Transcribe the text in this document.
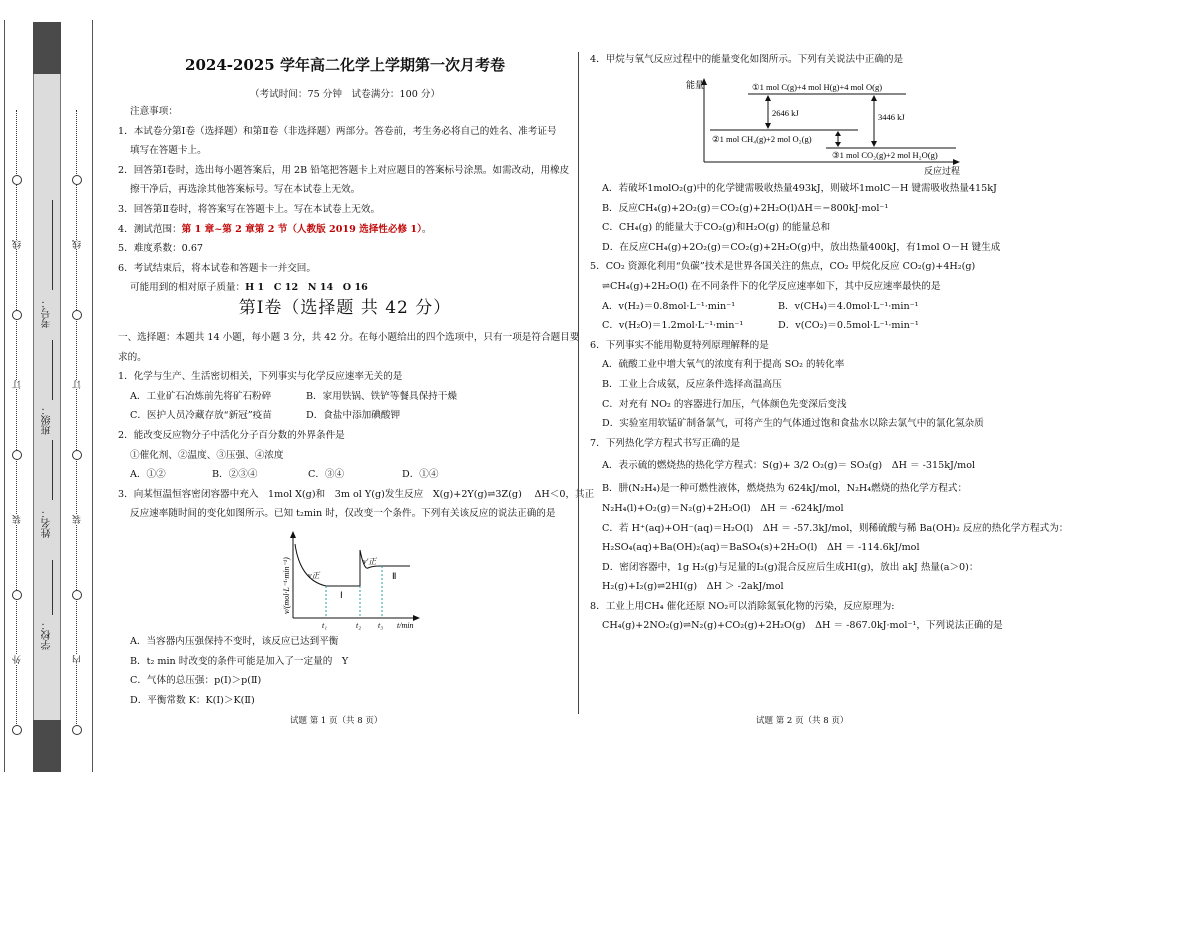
外
装
订
线
内
装
订
线
学校：
姓名：
班级：
考号：
2024-2025 学年高二化学上学期第一次月考卷
（考试时间：75 分钟　试卷满分：100 分）

注意事项：

1．本试卷分第Ⅰ卷（选择题）和第Ⅱ卷（非选择题）两部分。答卷前，考生务必将自己的姓名、准考证号

填写在答题卡上。

2．回答第Ⅰ卷时，选出每小题答案后，用 2B 铅笔把答题卡上对应题目的答案标号涂黑。如需改动，用橡皮

擦干净后，再选涂其他答案标号。写在本试卷上无效。

3．回答第Ⅱ卷时，将答案写在答题卡上。写在本试卷上无效。

4．测试范围：第 1 章~第 2 章第 2 节（人教版 2019 选择性必修 1）。

5．难度系数：0.67

6．考试结束后，将本试卷和答题卡一并交回。

可能用到的相对原子质量：H 1　C 12　N 14　O 16

第Ⅰ卷（选择题 共 42 分）

一、选择题：本题共 14 小题，每小题 3 分，共 42 分。在每小题给出的四个选项中，只有一项是符合题目要

求的。

1．化学与生产、生活密切相关，下列事实与化学反应速率无关的是

A．工业矿石冶炼前先将矿石粉碎	B．家用铁锅、铁铲等餐具保持干燥

C．医护人员冷藏存放“新冠”疫苗	D．食盐中添加碘酸钾

2．能改变反应物分子中活化分子百分数的外界条件是

①催化剂、②温度、③压强、④浓度

A．①②	B．②③④	C．③④	D．①④

3．向某恒温恒容密闭容器中充入　1mol X(g)和　3m ol Y(g)发生反应　X(g)+2Y(g)⇌3Z(g)　 ΔH＜0，其正

反应速率随时间的变化如图所示。已知 t₂min 时，仅改变一个条件。下列有关该反应的说法正确的是

v/(mol·L⁻¹·min⁻¹)
t/min
v正
v′正
Ⅰ
Ⅱ
t₁	t₂ t₃

A．当容器内压强保持不变时，该反应已达到平衡

B．t₂ min 时改变的条件可能是加入了一定量的　Y

C．气体的总压强：p(Ⅰ)＞p(Ⅱ)

D．平衡常数 K：K(Ⅰ)＞K(Ⅱ)

试题 第 1 页（共 8 页）

4．甲烷与氧气反应过程中的能量变化如图所示。下列有关说法中正确的是

能量
反应过程
①1 mol C(g)+4 mol H(g)+4 mol O(g)
②1 mol CH₄(g)+2 mol O₂(g)
③1 mol CO₂(g)+2 mol H₂O(g)
2646 kJ	3446 kJ

A．若破坏1molO₂(g)中的化学键需吸收热量493kJ，则破坏1molC－H 键需吸收热量415kJ

B．反应CH₄(g)+2O₂(g)＝CO₂(g)+2H₂O(l)ΔH＝−800kJ·mol⁻¹

C．CH₄(g) 的能量大于CO₂(g)和H₂O(g) 的能量总和

D．在反应CH₄(g)+2O₂(g)＝CO₂(g)+2H₂O(g)中，放出热量400kJ，有1mol O－H 键生成

5．CO₂ 资源化利用“负碳”技术是世界各国关注的焦点，CO₂ 甲烷化反应 CO₂(g)+4H₂(g)

⇌CH₄(g)+2H₂O(l) 在不同条件下的化学反应速率如下，其中反应速率最快的是

A．v(H₂)＝0.8mol·L⁻¹·min⁻¹	B．v(CH₄)＝4.0mol·L⁻¹·min⁻¹

C．v(H₂O)＝1.2mol·L⁻¹·min⁻¹	D．v(CO₂)＝0.5mol·L⁻¹·min⁻¹

6．下列事实不能用勒夏特列原理解释的是

A．硫酸工业中增大氧气的浓度有利于提高 SO₂ 的转化率

B．工业上合成氨，反应条件选择高温高压

C．对充有 NO₂ 的容器进行加压，气体颜色先变深后变浅

D．实验室用软锰矿制备氯气，可将产生的气体通过饱和食盐水以除去氯气中的氯化氢杂质

7．下列热化学方程式书写正确的是

A．表示硫的燃烧热的热化学方程式：S(g)+ 3/2 O₂(g)＝ SO₃(g)　ΔH ＝ -315kJ/mol

B．肼(N₂H₄)是一种可燃性液体，燃烧热为 624kJ/mol，N₂H₄燃烧的热化学方程式：

N₂H₄(l)+O₂(g)＝N₂(g)+2H₂O(l)　ΔH ＝ -624kJ/mol

C．若 H⁺(aq)+OH⁻(aq)＝H₂O(l)　ΔH ＝ -57.3kJ/mol，则稀硫酸与稀 Ba(OH)₂ 反应的热化学方程式为：

H₂SO₄(aq)+Ba(OH)₂(aq)＝BaSO₄(s)+2H₂O(l)　ΔH ＝ -114.6kJ/mol

D．密闭容器中，1g H₂(g)与足量的I₂(g)混合反应后生成HI(g)，放出 akJ 热量(a＞0)：

H₂(g)+I₂(g)⇌2HI(g)　ΔH ＞ -2akJ/mol

8．工业上用CH₄ 催化还原 NO₂可以消除氮氧化物的污染，反应原理为:

CH₄(g)+2NO₂(g)⇌N₂(g)+CO₂(g)+2H₂O(g)　ΔH ＝ -867.0kJ·mol⁻¹，下列说法正确的是

试题 第 2 页（共 8 页）
